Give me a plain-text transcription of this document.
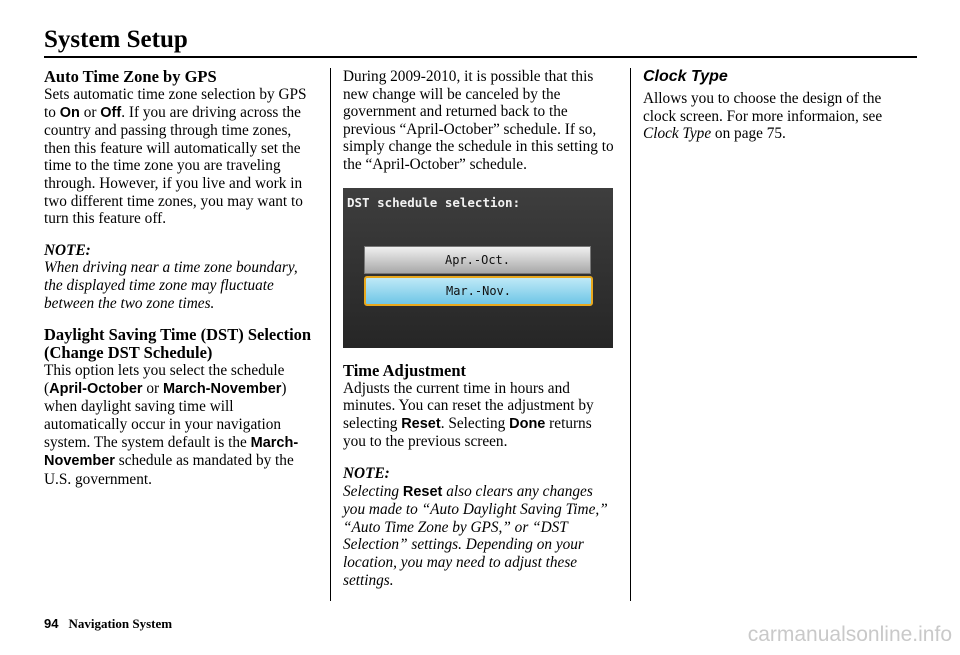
System Setup
Auto Time Zone by GPS

Sets automatic time zone selection by GPS to On or Off. If you are driving across the country and passing through time zones, then this feature will automatically set the time to the time zone you are traveling through. However, if you live and work in two different time zones, you may want to turn this feature off.

NOTE:

When driving near a time zone boundary, the displayed time zone may fluctuate between the two zone times.

Daylight Saving Time (DST) Selection (Change DST Schedule)

This option lets you select the schedule (April-October or March-November) when daylight saving time will automatically occur in your navigation system. The system default is the March-November schedule as mandated by the U.S. government.

During 2009-2010, it is possible that this new change will be canceled by the government and returned back to the previous “April-October” schedule. If so, simply change the schedule in this setting to the “April-October” schedule.

DST schedule selection:
Apr.-Oct.
Mar.-Nov.
Time Adjustment

Adjusts the current time in hours and minutes. You can reset the adjustment by selecting Reset. Selecting Done returns you to the previous screen.

NOTE:

Selecting Reset also clears any changes you made to “Auto Daylight Saving Time,” “Auto Time Zone by GPS,” or “DST Selection” settings. Depending on your location, you may need to adjust these settings.

Clock Type

Allows you to choose the design of the clock screen. For more informaion, see Clock Type on page 75.

94 Navigation System	carmanualsonline.info
